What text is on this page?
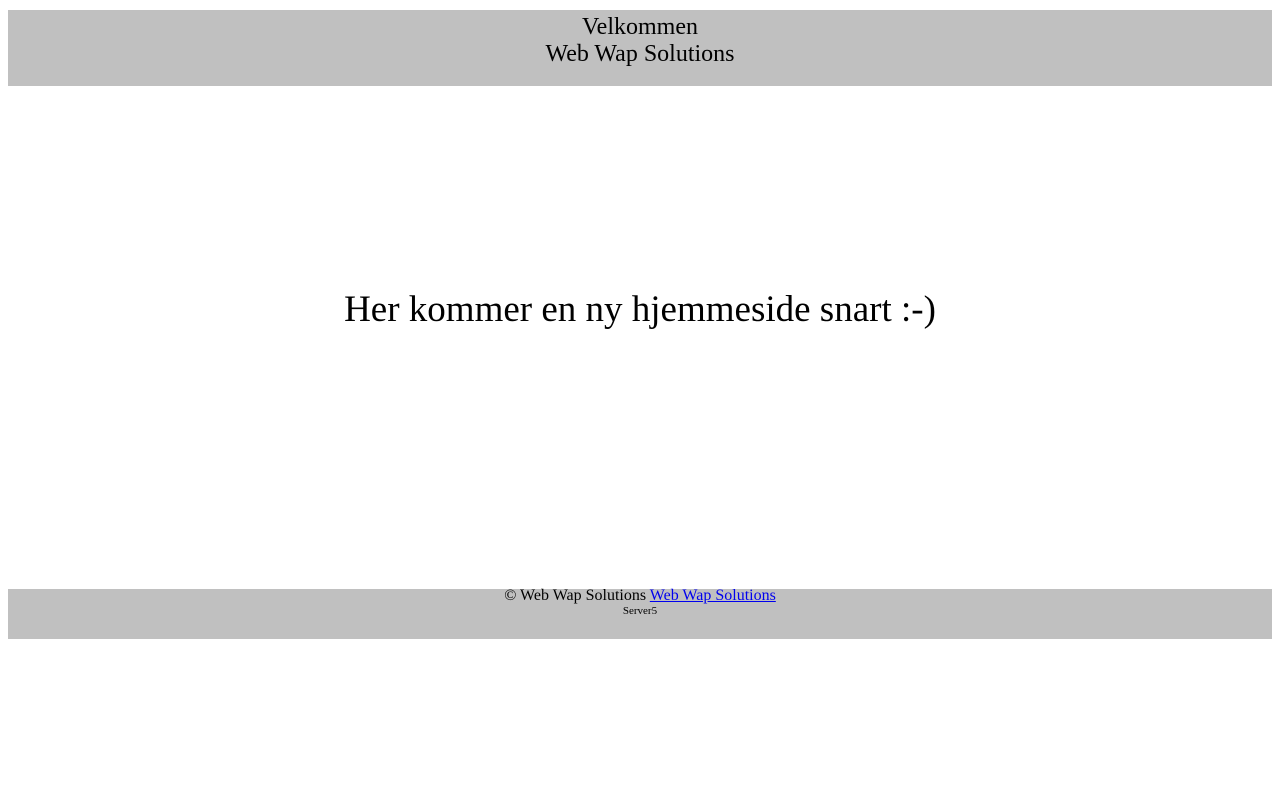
Velkommen
Web Wap Solutions
Her kommer en ny hjemmeside snart :-)
© Web Wap Solutions Web Wap Solutions
Server5
